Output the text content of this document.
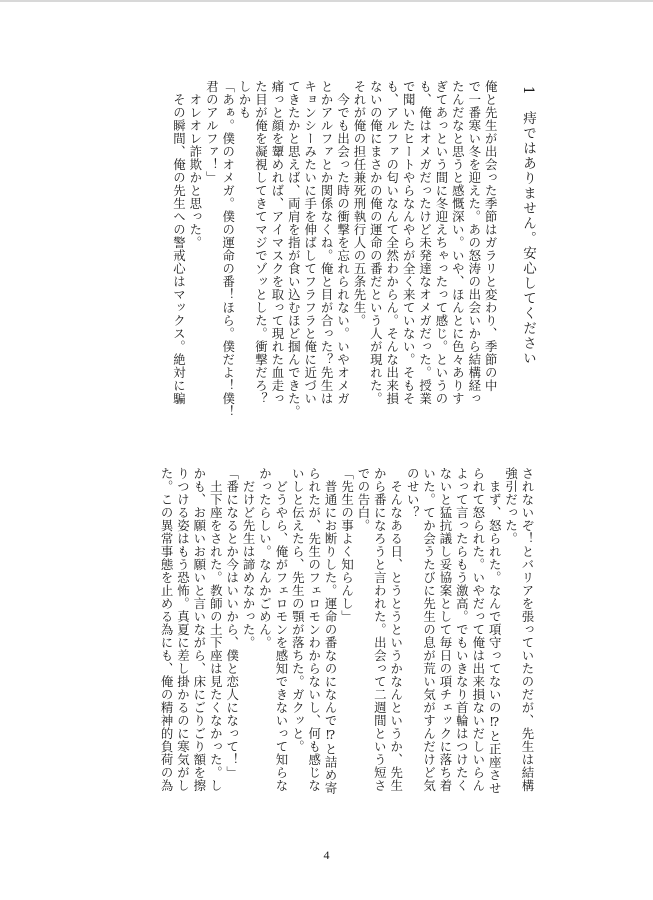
1　痔ではありません。安心してください

俺と先生が出会った季節はガラリと変わり、季節の中

で一番寒い冬を迎えた。あの怒涛の出会いから結構経っ

たんだなと思うと感慨深い。いや、ほんとに色々ありす

ぎてあっという間に冬迎えちゃったって感じ。というの

も、俺はオメガだったけど未発達なオメガだった。授業

で聞いたヒートやらなんやらが全く来ていない。そもそ

も、アルファの匂いなんて全然わからん。そんな出来損

ないの俺にまさかの俺の運命の番だという人が現れた。

それが俺の担任兼死刑執行人の五条先生。

　今でも出会った時の衝撃を忘れられない。いやオメガ

とかアルファとか関係なくね。俺と目が合った？先生は

キョンシーみたいに手を伸ばしてフラフラと俺に近づい

てきたかと思えば、両肩を指が食い込むほど掴んできた。

痛っと顔を顰めれば、アイマスクを取って現れた血走っ

た目が俺を凝視してきてマジでゾッとした。衝撃だろ？

しかも

「あぁ。僕のオメガ。僕の運命の番！ほら。僕だよ！僕！

君のアルファ！」

　オレオレ詐欺かと思った。

　その瞬間、俺の先生への警戒心はマックス。絶対に騙

されないぞ！とバリアを張っていたのだが、先生は結構

強引だった。

　まず、怒られた。なんで項守ってないの⁉と正座させ

られて怒られた。いやだって俺は出来損ないだしいらん

よって言ったらもう激高。でもいきなり首輪はつけたく

ないと猛抗議し妥協案として毎日の項チェックに落ち着

いた。てか会うたびに先生の息が荒い気がすんだけど気

のせい？

　そんなある日、とうとうというかなんというか、先生

から番になろうと言われた。出会って二週間という短さ

での告白。

「先生の事よく知らんし」

　普通にお断りした。運命の番なのになんで⁉と詰め寄

られたが、先生のフェロモンわからないし、何も感じな

いしと伝えたら、先生の顎が落ちた。ガクッと。

　どうやら、俺がフェロモンを感知できないって知らな

かったらしい。なんかごめん。

　だけど先生は諦めなかった。

「番になるとか今はいいから、僕と恋人になって！」

　土下座をされた。教師の土下座は見たくなかった。し

かも、お願いお願いと言いながら、床にごりごり額を擦

りつける姿はもう恐怖。真夏に差し掛かるのに寒気がし

た。この異常事態を止める為にも、俺の精神的負荷の為

4
